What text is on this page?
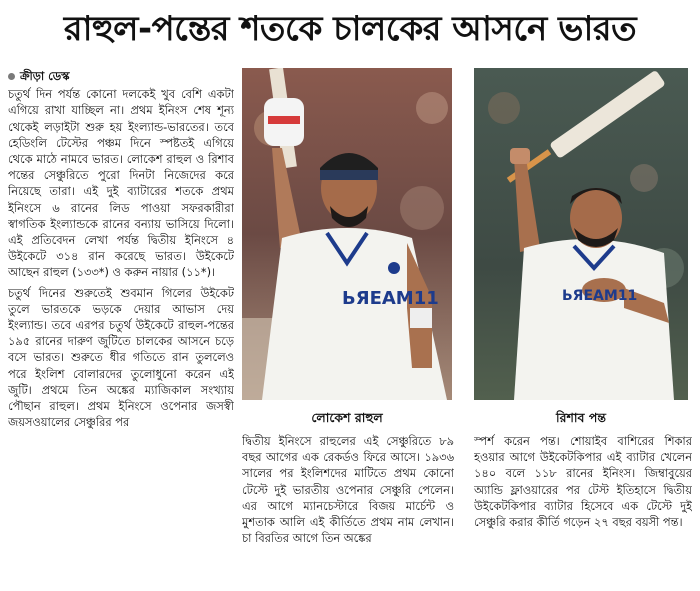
রাহুল-পন্তের শতকে চালকের আসনে ভারত
ক্রীড়া ডেস্ক

চতুর্থ দিন পর্যন্ত কোনো দলকেই খুব বেশি একটা এগিয়ে রাখা যাচ্ছিল না। প্রথম ইনিংস শেষ শূন্য থেকেই লড়াইটা শুরু হয় ইংল্যান্ড-ভারতের। তবে হেডিংলি টেস্টের পঞ্চম দিনে স্পষ্টতই এগিয়ে থেকে মাঠে নামবে ভারত। লোকেশ রাহুল ও রিশাব পন্তের সেঞ্চুরিতে পুরো দিনটা নিজেদের করে নিয়েছে তারা। এই দুই ব্যাটারের শতকে প্রথম ইনিংসে ৬ রানের লিড পাওয়া সফরকারীরা স্বাগতিক ইংল্যান্ডকে রানের বন্যায় ভাসিয়ে দিলো। এই প্রতিবেদন লেখা পর্যন্ত দ্বিতীয় ইনিংসে ৪ উইকেটে ৩১৪ রান করেছে ভারত। উইকেটে আছেন রাহুল (১৩৩*) ও করুন নায়ার (১১*)।

চতুর্থ দিনের শুরুতেই শুবমান গিলের উইকেট তুলে ভারতকে ভড়কে দেয়ার আভাস দেয় ইংল্যান্ড। তবে এরপর চতুর্থ উইকেটে রাহুল-পন্তের ১৯৫ রানের দারুণ জুটিতে চালকের আসনে চড়ে বসে ভারত। শুরুতে ধীর গতিতে রান তুললেও পরে ইংলিশ বোলারদের তুলোধুনো করেন এই জুটি। প্রথমে তিন অঙ্কের ম্যাজিকাল সংখ্যায় পৌছান রাহুল। প্রথম ইনিংসে ওপেনার জসস্বী জয়সওয়ালের সেঞ্চুরির পর

ЬЯЕАМ11
লোকেশ রাহুল
ЬЯЕАМ11
রিশাব পন্ত

দ্বিতীয় ইনিংসে রাহুলের এই সেঞ্চুরিতে ৮৯ বছর আগের এক রেকর্ডও ফিরে আসে। ১৯৩৬ সালের পর ইংলিশদের মাটিতে প্রথম কোনো টেস্টে দুই ভারতীয় ওপেনার সেঞ্চুরি পেলেন। এর আগে ম্যানচেস্টারে বিজয় মার্চেন্ট ও মুশতাক আলি এই কীর্তিতে প্রথম নাম লেখান। চা বিরতির আগে তিন অঙ্কের

স্পর্শ করেন পন্ত। শোয়াইব বাশিরের শিকার হওয়ার আগে উইকেটকিপার এই ব্যাটার খেলেন ১৪০ বলে ১১৮ রানের ইনিংস। জিম্বাবুয়ের অ্যান্ডি ফ্লাওয়ারের পর টেস্ট ইতিহাসে দ্বিতীয় উইকেটকিপার ব্যাটার হিসেবে এক টেস্টে দুই সেঞ্চুরি করার কীর্তি গড়েন ২৭ বছর বয়সী পন্ত।
